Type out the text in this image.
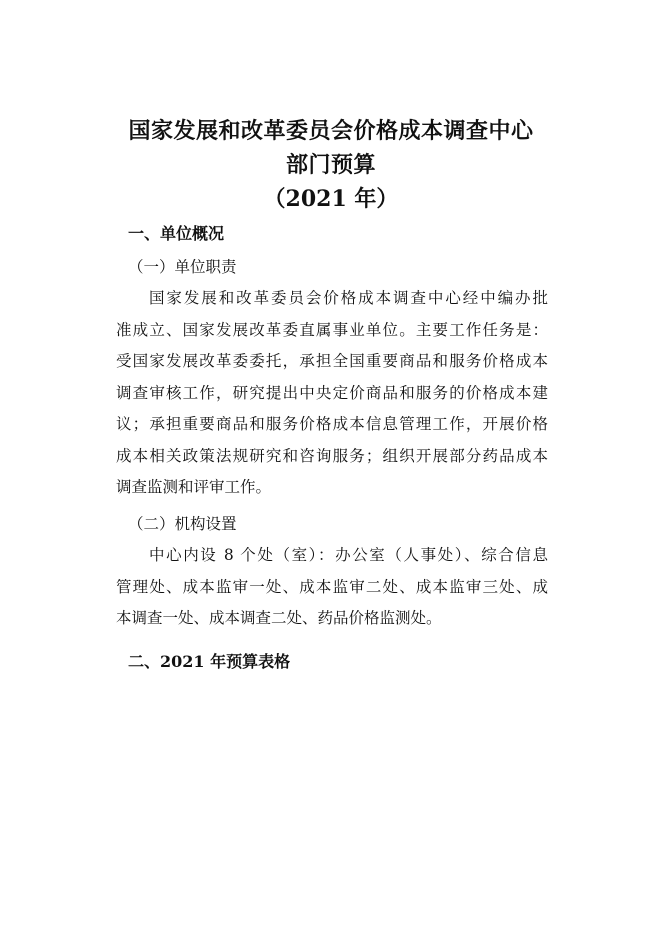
国家发展和改革委员会价格成本调查中心
部门预算
（2021 年）
一、单位概况
（一）单位职责
国家发展和改革委员会价格成本调查中心经中编办批
准成立、国家发展改革委直属事业单位。主要工作任务是：
受国家发展改革委委托，承担全国重要商品和服务价格成本
调查审核工作，研究提出中央定价商品和服务的价格成本建
议；承担重要商品和服务价格成本信息管理工作，开展价格
成本相关政策法规研究和咨询服务；组织开展部分药品成本
调查监测和评审工作。
（二）机构设置
中心内设 8 个处（室）：办公室（人事处）、综合信息
管理处、成本监审一处、成本监审二处、成本监审三处、成
本调查一处、成本调查二处、药品价格监测处。
二、2021 年预算表格
